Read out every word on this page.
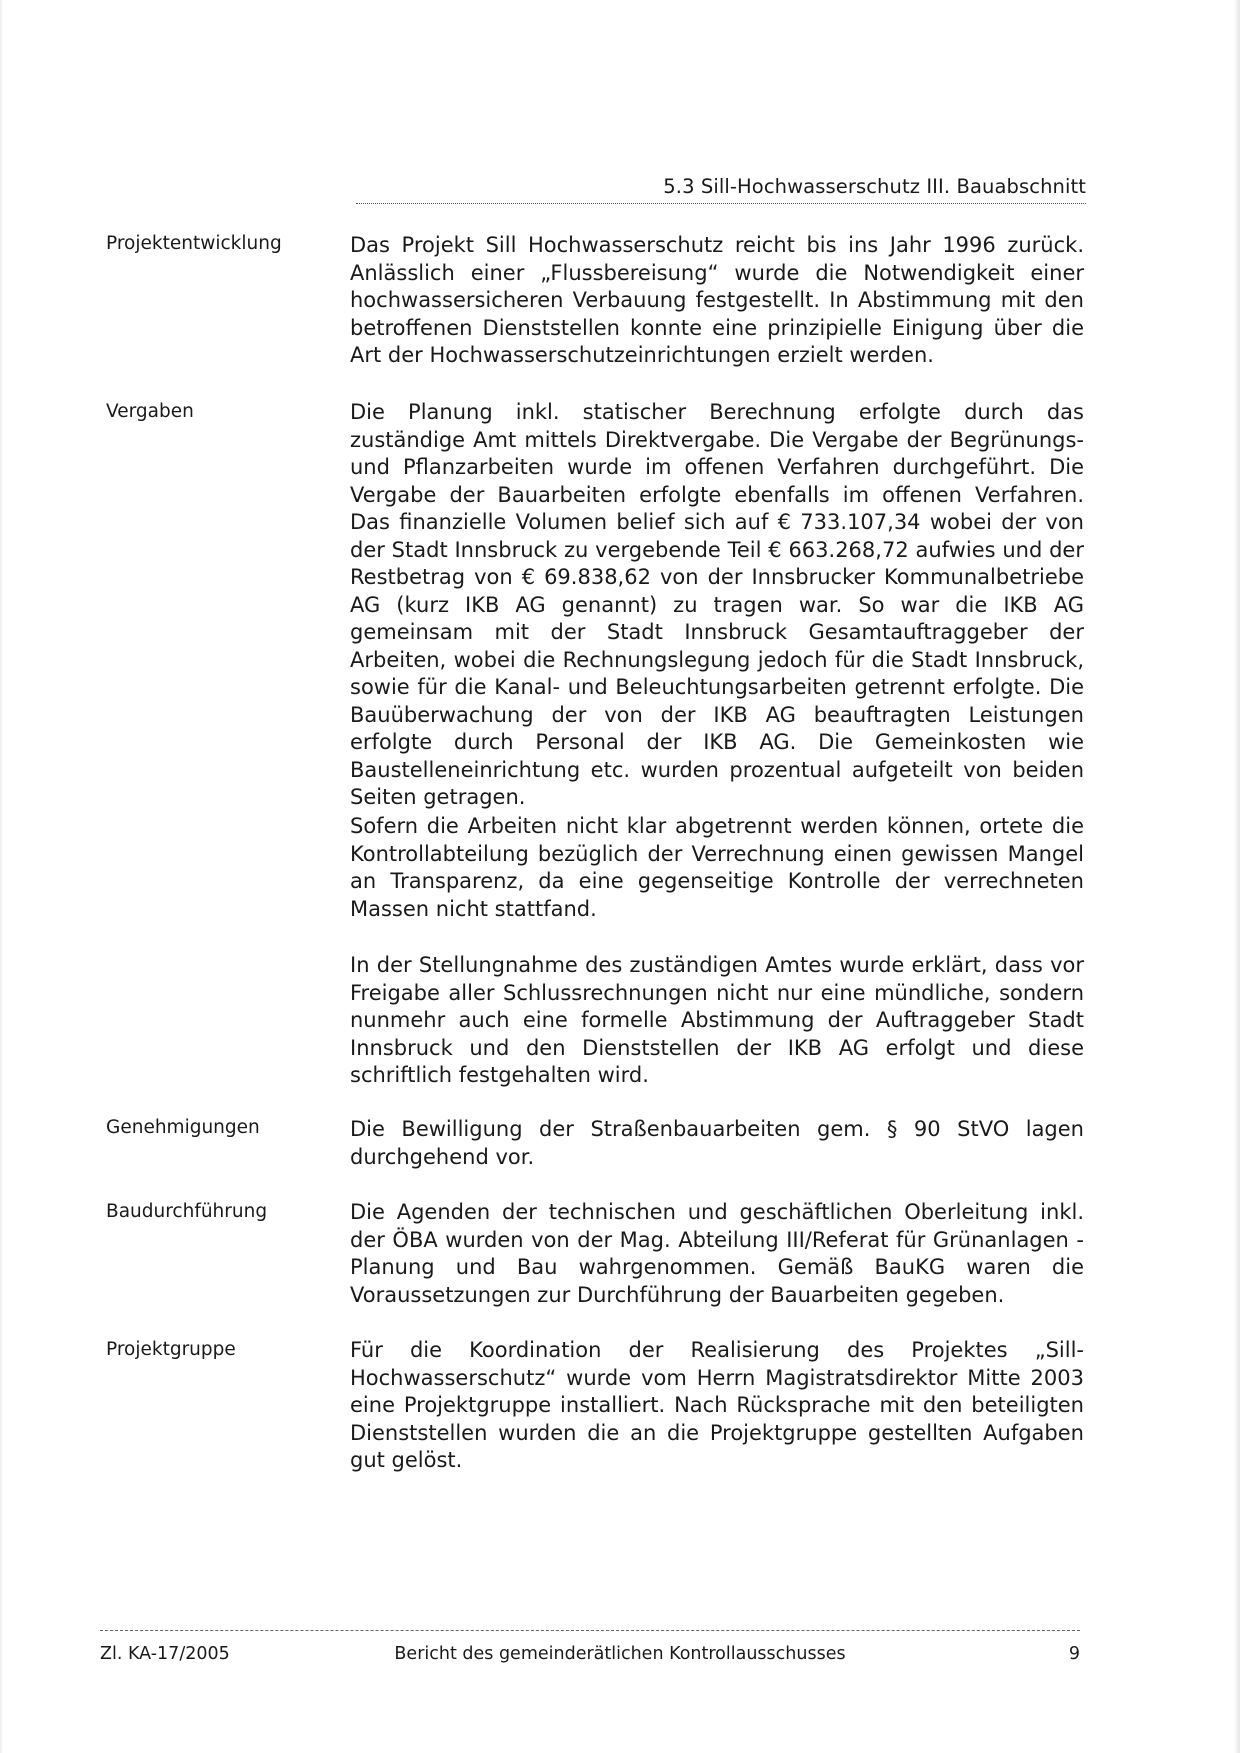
5.3 Sill-Hochwasserschutz III. Bauabschnitt
Projektentwicklung	Das Projekt Sill Hochwasserschutz reicht bis ins Jahr 1996 zurück. Anlässlich einer „Flussbereisung“ wurde die Notwendigkeit einer hochwassersicheren Verbauung festgestellt. In Abstimmung mit den betroffenen Dienststellen konnte eine prinzipielle Einigung über die Art der Hochwasserschutzeinrichtungen erzielt werden.
Vergaben	Die Planung inkl. statischer Berechnung erfolgte durch das zuständige Amt mittels Direktvergabe. Die Vergabe der Begrünungs- und Pflanzarbeiten wurde im offenen Verfahren durchgeführt. Die Vergabe der Bauarbeiten erfolgte ebenfalls im offenen Verfahren. Das finanzielle Volumen belief sich auf € 733.107,34 wobei der von der Stadt Innsbruck zu vergebende Teil € 663.268,72 aufwies und der Restbetrag von € 69.838,62 von der Innsbrucker Kommunalbetriebe AG (kurz IKB AG genannt) zu tragen war. So war die IKB AG gemeinsam mit der Stadt Innsbruck Gesamtauftraggeber der Arbeiten, wobei die Rechnungslegung jedoch für die Stadt Innsbruck, sowie für die Kanal- und Beleuchtungsarbeiten getrennt erfolgte. Die Bauüberwachung der von der IKB AG beauftragten Leistungen erfolgte durch Personal der IKB AG. Die Gemeinkosten wie Baustelleneinrichtung etc. wurden prozentual aufgeteilt von beiden Seiten getragen.
Sofern die Arbeiten nicht klar abgetrennt werden können, ortete die Kontrollabteilung bezüglich der Verrechnung einen gewissen Mangel an Transparenz, da eine gegenseitige Kontrolle der verrechneten Massen nicht stattfand.
In der Stellungnahme des zuständigen Amtes wurde erklärt, dass vor Freigabe aller Schlussrechnungen nicht nur eine mündliche, sondern nunmehr auch eine formelle Abstimmung der Auftraggeber Stadt Innsbruck und den Dienststellen der IKB AG erfolgt und diese schriftlich festgehalten wird.
Genehmigungen	Die Bewilligung der Straßenbauarbeiten gem. § 90 StVO lagen durchgehend vor.
Baudurchführung	Die Agenden der technischen und geschäftlichen Oberleitung inkl. der ÖBA wurden von der Mag. Abteilung III/Referat für Grünanlagen - Planung und Bau wahrgenommen. Gemäß BauKG waren die Voraussetzungen zur Durchführung der Bauarbeiten gegeben.
Projektgruppe	Für die Koordination der Realisierung des Projektes „Sill-Hochwasserschutz“ wurde vom Herrn Magistratsdirektor Mitte 2003 eine Projektgruppe installiert. Nach Rücksprache mit den beteiligten Dienststellen wurden die an die Projektgruppe gestellten Aufgaben gut gelöst.
Zl. KA-17/2005	Bericht des gemeinderätlichen Kontrollausschusses	9
